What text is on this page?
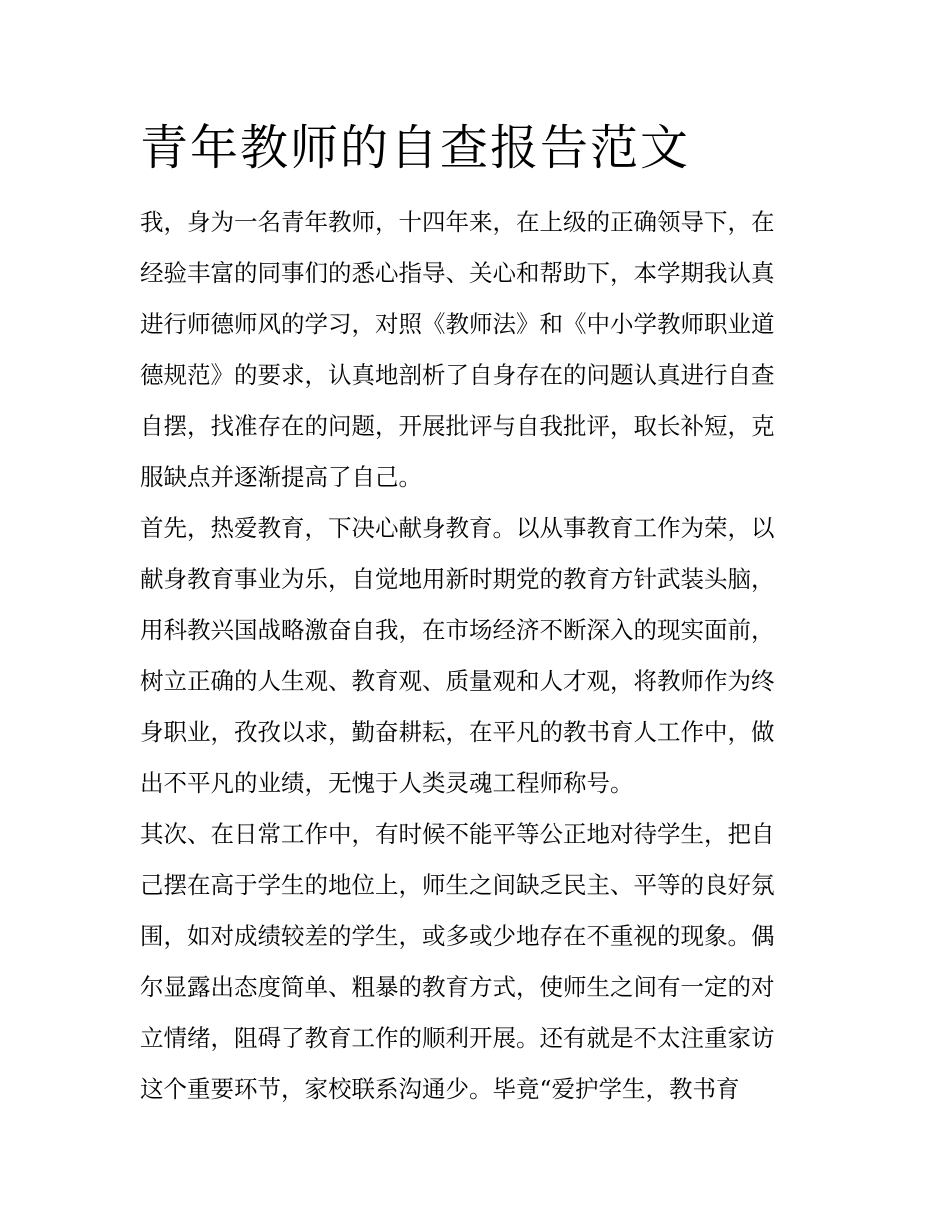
青年教师的自查报告范文

我，身为一名青年教师，十四年来，在上级的正确领导下，在

经验丰富的同事们的悉心指导、关心和帮助下，本学期我认真

进行师德师风的学习，对照《教师法》和《中小学教师职业道

德规范》的要求，认真地剖析了自身存在的问题认真进行自查

自摆，找准存在的问题，开展批评与自我批评，取长补短，克

服缺点并逐渐提高了自己。

首先，热爱教育，下决心献身教育。以从事教育工作为荣，以

献身教育事业为乐，自觉地用新时期党的教育方针武装头脑，

用科教兴国战略激奋自我，在市场经济不断深入的现实面前，

树立正确的人生观、教育观、质量观和人才观，将教师作为终

身职业，孜孜以求，勤奋耕耘，在平凡的教书育人工作中，做

出不平凡的业绩，无愧于人类灵魂工程师称号。

其次、在日常工作中，有时候不能平等公正地对待学生，把自

己摆在高于学生的地位上，师生之间缺乏民主、平等的良好氛

围，如对成绩较差的学生，或多或少地存在不重视的现象。偶

尔显露出态度简单、粗暴的教育方式，使师生之间有一定的对

立情绪，阻碍了教育工作的顺利开展。还有就是不太注重家访

这个重要环节，家校联系沟通少。毕竟“爱护学生，教书育
